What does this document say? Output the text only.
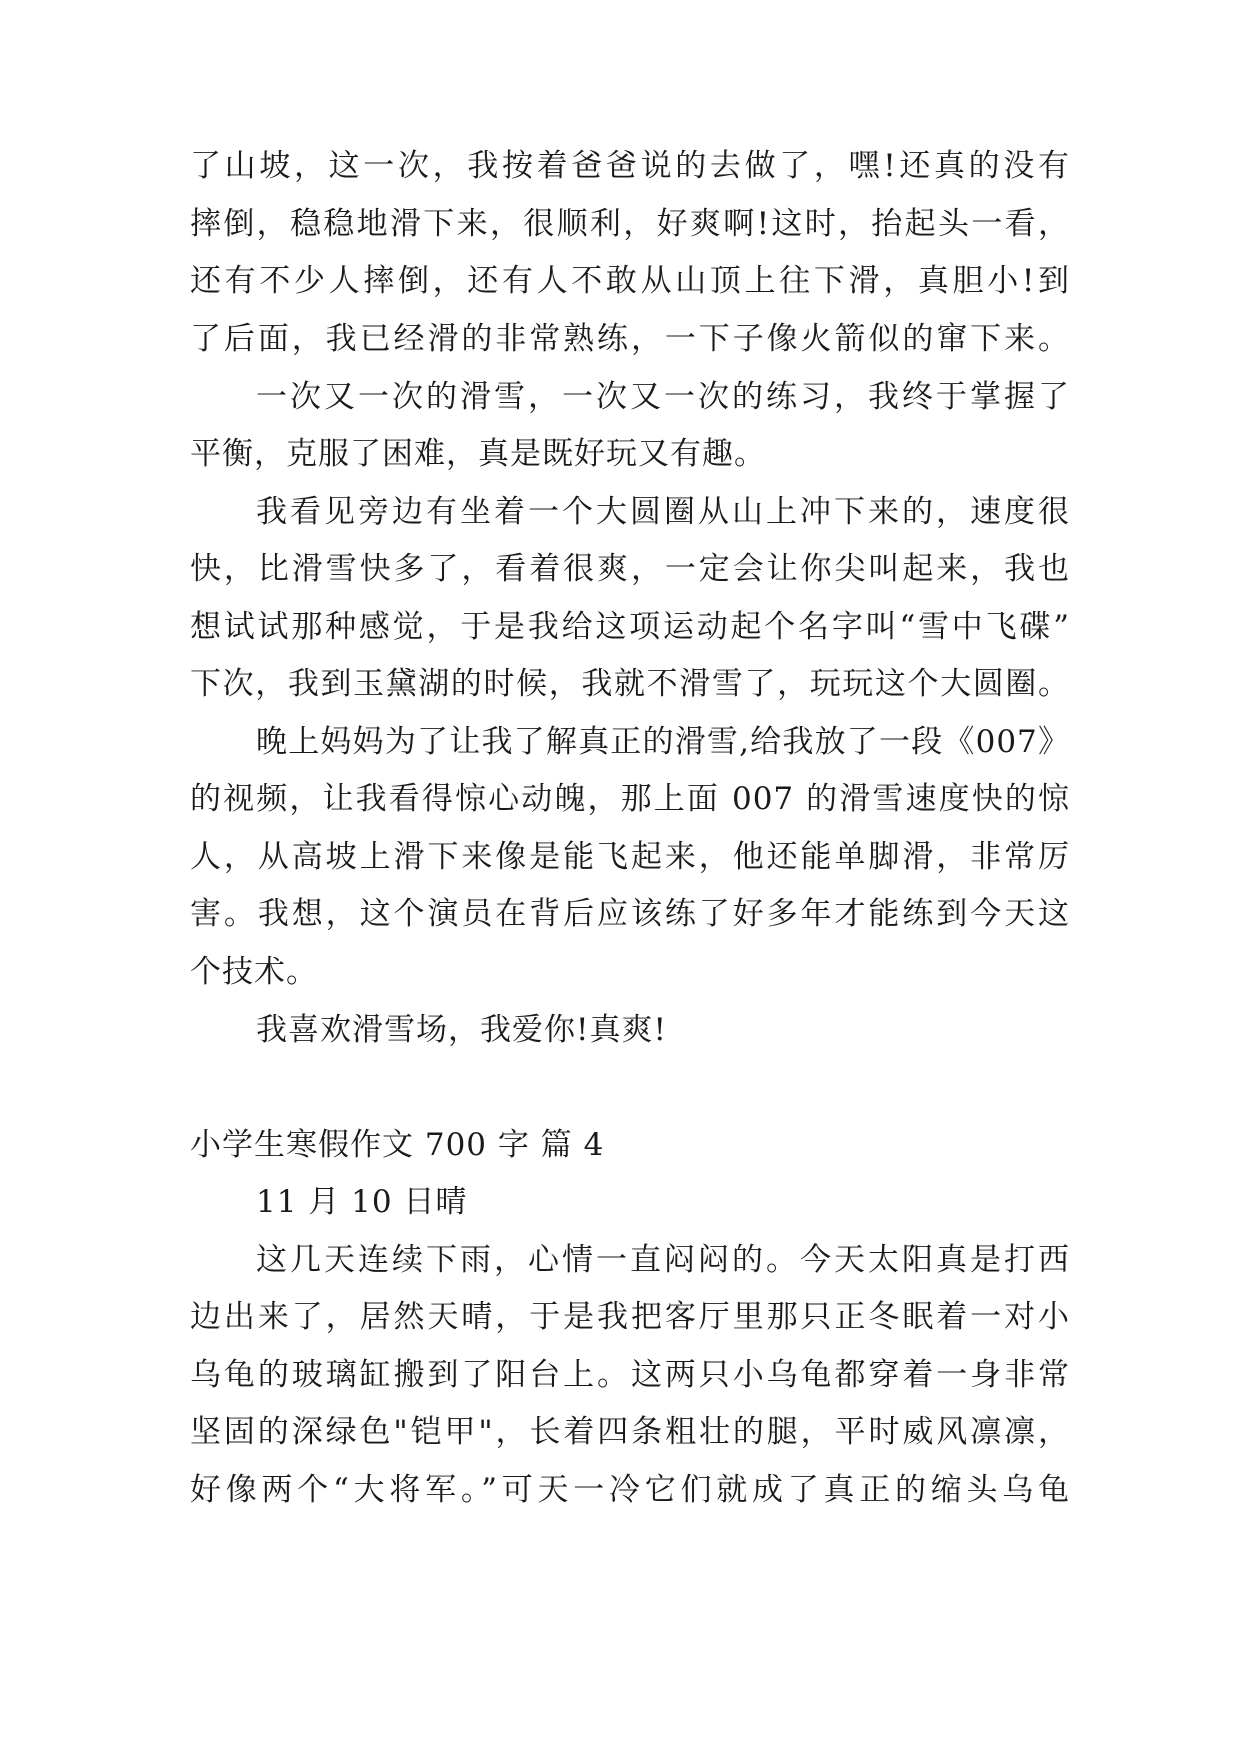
了山坡，这一次，我按着爸爸说的去做了，嘿!还真的没有
摔倒，稳稳地滑下来，很顺利，好爽啊!这时，抬起头一看，
还有不少人摔倒，还有人不敢从山顶上往下滑，真胆小!到
了后面，我已经滑的非常熟练，一下子像火箭似的窜下来。
一次又一次的滑雪，一次又一次的练习，我终于掌握了
平衡，克服了困难，真是既好玩又有趣。
我看见旁边有坐着一个大圆圈从山上冲下来的，速度很
快，比滑雪快多了，看着很爽，一定会让你尖叫起来，我也
想试试那种感觉，于是我给这项运动起个名字叫“雪中飞碟”
下次，我到玉黛湖的时候，我就不滑雪了，玩玩这个大圆圈。
晚上妈妈为了让我了解真正的滑雪,给我放了一段《007》
的视频，让我看得惊心动魄，那上面 007 的滑雪速度快的惊
人，从高坡上滑下来像是能飞起来，他还能单脚滑，非常厉
害。我想，这个演员在背后应该练了好多年才能练到今天这
个技术。
我喜欢滑雪场，我爱你!真爽!
小学生寒假作文 700 字 篇 4
11 月 10 日晴
这几天连续下雨，心情一直闷闷的。今天太阳真是打西
边出来了，居然天晴，于是我把客厅里那只正冬眠着一对小
乌龟的玻璃缸搬到了阳台上。这两只小乌龟都穿着一身非常
坚固的深绿色"铠甲"，长着四条粗壮的腿，平时威风凛凛，
好像两个“大将军。”可天一冷它们就成了真正的缩头乌龟
